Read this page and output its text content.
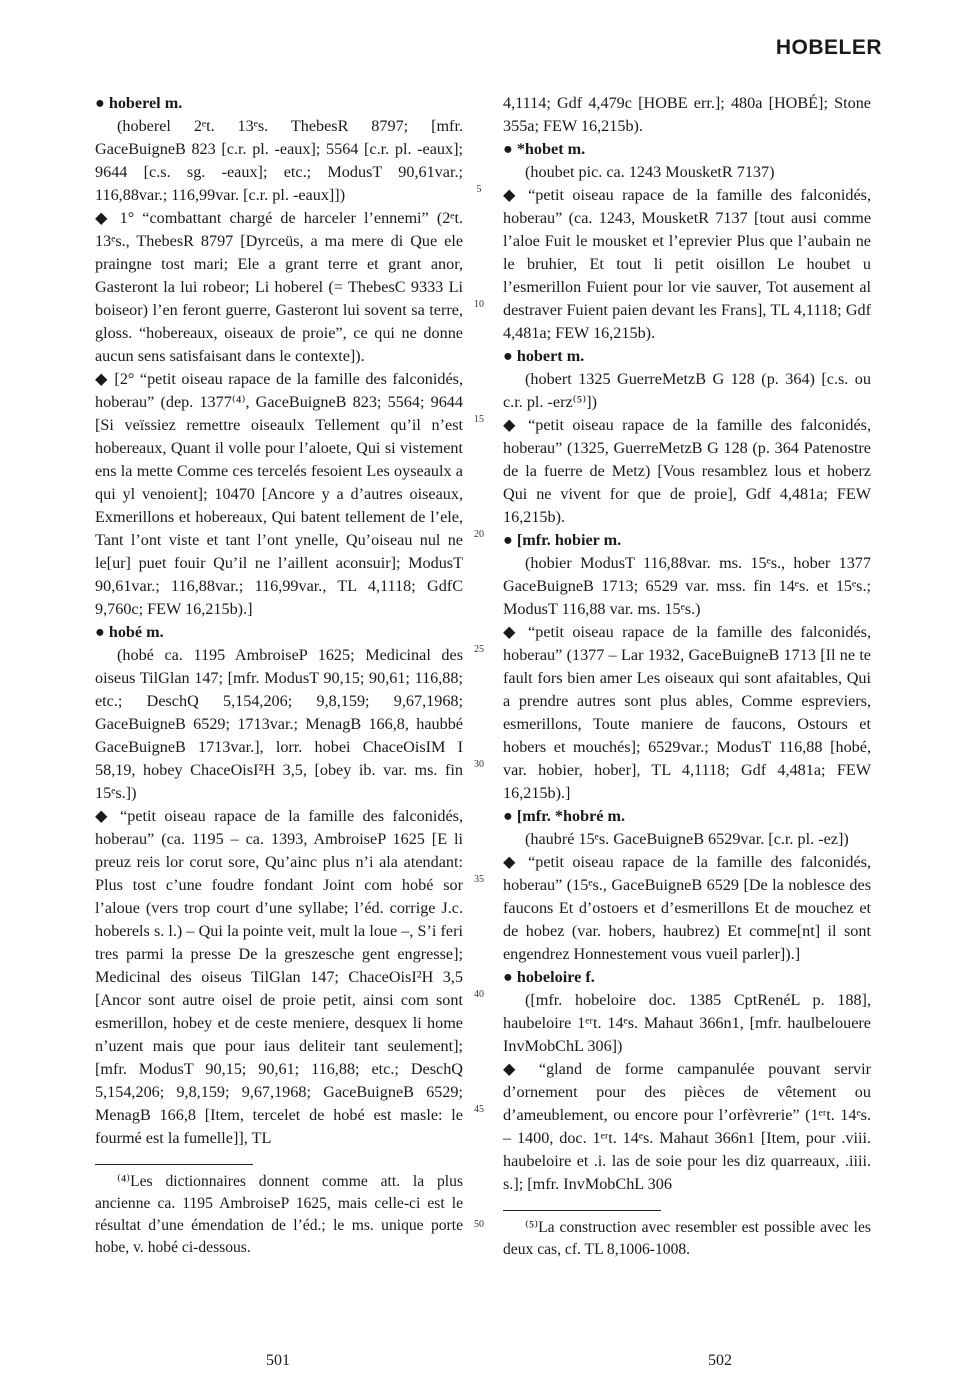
HOBELER

● hoberel m.

(hoberel 2ᵉt. 13ᵉs. ThebesR 8797; [mfr. GaceBuigneB 823 [c.r. pl. -eaux]; 5564 [c.r. pl. -eaux]; 9644 [c.s. sg. -eaux]; etc.; ModusT 90,61var.; 116,88var.; 116,99var. [c.r. pl. -eaux]])

◆ 1° “combattant chargé de harceler l’ennemi” (2ᵉt. 13ᵉs., ThebesR 8797 [Dyrceüs, a ma mere di Que ele praingne tost mari; Ele a grant terre et grant anor, Gasteront la lui robeor; Li hoberel (= ThebesC 9333 Li boiseor) l’en feront guerre, Gasteront lui sovent sa terre, gloss. “hobereaux, oiseaux de proie”, ce qui ne donne aucun sens satisfaisant dans le contexte]).

◆ [2° “petit oiseau rapace de la famille des falconidés, hoberau” (dep. 1377⁽⁴⁾, GaceBuigneB 823; 5564; 9644 [Si veïssiez remettre oiseaulx Tellement qu’il n’est hobereaux, Quant il volle pour l’aloete, Qui si vistement ens la mette Comme ces tercelés fesoient Les oyseaulx a qui yl venoient]; 10470 [Ancore y a d’autres oiseaux, Exmerillons et hobereaux, Qui batent tellement de l’ele, Tant l’ont viste et tant l’ont ynelle, Qu’oiseau nul ne le[ur] puet fouir Qu’il ne l’aillent aconsuir]; ModusT 90,61var.; 116,88var.; 116,99var., TL 4,1118; GdfC 9,760c; FEW 16,215b).]

● hobé m.

(hobé ca. 1195 AmbroiseP 1625; Medicinal des oiseus TilGlan 147; [mfr. ModusT 90,15; 90,61; 116,88; etc.; DeschQ 5,154,206; 9,8,159; 9,67,1968; GaceBuigneB 6529; 1713var.; MenagB 166,8, haubbé GaceBuigneB 1713var.], lorr. hobei ChaceOisIM I 58,19, hobey ChaceOisI²H 3,5, [obey ib. var. ms. fin 15ᵉs.])

◆ “petit oiseau rapace de la famille des falconidés, hoberau” (ca. 1195 – ca. 1393, AmbroiseP 1625 [E li preuz reis lor corut sore, Qu’ainc plus n’i ala atendant: Plus tost c’une foudre fondant Joint com hobé sor l’aloue (vers trop court d’une syllabe; l’éd. corrige J.c. hoberels s. l.) – Qui la pointe veit, mult la loue –, S’i feri tres parmi la presse De la greszesche gent engresse]; Medicinal des oiseus TilGlan 147; ChaceOisI²H 3,5 [Ancor sont autre oisel de proie petit, ainsi com sont esmerillon, hobey et de ceste meniere, desquex li home n’uzent mais que pour iaus deliteir tant seulement]; [mfr. ModusT 90,15; 90,61; 116,88; etc.; DeschQ 5,154,206; 9,8,159; 9,67,1968; GaceBuigneB 6529; MenagB 166,8 [Item, tercelet de hobé est masle: le fourmé est la fumelle]], TL

⁽⁴⁾Les dictionnaires donnent comme att. la plus ancienne ca. 1195 AmbroiseP 1625, mais celle-ci est le résultat d’une émendation de l’éd.; le ms. unique porte hobe, v. hobé ci-dessous.

5
10
15
20
25
30
35
40
45
50

4,1114; Gdf 4,479c [HOBE err.]; 480a [HOBÉ]; Stone 355a; FEW 16,215b).

● *hobet m.

(houbet pic. ca. 1243 MousketR 7137)

◆ “petit oiseau rapace de la famille des falconidés, hoberau” (ca. 1243, MousketR 7137 [tout ausi comme l’aloe Fuit le mousket et l’eprevier Plus que l’aubain ne le bruhier, Et tout li petit oisillon Le houbet u l’esmerillon Fuient pour lor vie sauver, Tot ausement al destraver Fuient paien devant les Frans], TL 4,1118; Gdf 4,481a; FEW 16,215b).

● hobert m.

(hobert 1325 GuerreMetzB G 128 (p. 364) [c.s. ou c.r. pl. -erz⁽⁵⁾])

◆ “petit oiseau rapace de la famille des falconidés, hoberau” (1325, GuerreMetzB G 128 (p. 364 Patenostre de la fuerre de Metz) [Vous resamblez lous et hoberz Qui ne vivent for que de proie], Gdf 4,481a; FEW 16,215b).

● [mfr. hobier m.

(hobier ModusT 116,88var. ms. 15ᵉs., hober 1377 GaceBuigneB 1713; 6529 var. mss. fin 14ᵉs. et 15ᵉs.; ModusT 116,88 var. ms. 15ᵉs.)

◆ “petit oiseau rapace de la famille des falconidés, hoberau” (1377 – Lar 1932, GaceBuigneB 1713 [Il ne te fault fors bien amer Les oiseaux qui sont afaitables, Qui a prendre autres sont plus ables, Comme espreviers, esmerillons, Toute maniere de faucons, Ostours et hobers et mouchés]; 6529var.; ModusT 116,88 [hobé, var. hobier, hober], TL 4,1118; Gdf 4,481a; FEW 16,215b).]

● [mfr. *hobré m.

(haubré 15ᵉs. GaceBuigneB 6529var. [c.r. pl. -ez])

◆ “petit oiseau rapace de la famille des falconidés, hoberau” (15ᵉs., GaceBuigneB 6529 [De la noblesce des faucons Et d’ostoers et d’esmerillons Et de mouchez et de hobez (var. hobers, haubrez) Et comme[nt] il sont engendrez Honnestement vous vueil parler]).]

● hobeloire f.

([mfr. hobeloire doc. 1385 CptRenéL p. 188], haubeloire 1ᵉʳt. 14ᵉs. Mahaut 366n1, [mfr. haulbelouere InvMobChL 306])

◆ “gland de forme campanulée pouvant servir d’ornement pour des pièces de vêtement ou d’ameublement, ou encore pour l’orfèvrerie” (1ᵉʳt. 14ᵉs. – 1400, doc. 1ᵉʳt. 14ᵉs. Mahaut 366n1 [Item, pour .viii. haubeloire et .i. las de soie pour les diz quarreaux, .iiii. s.]; [mfr. InvMobChL 306

⁽⁵⁾La construction avec resembler est possible avec les deux cas, cf. TL 8,1006-1008.

501	502
